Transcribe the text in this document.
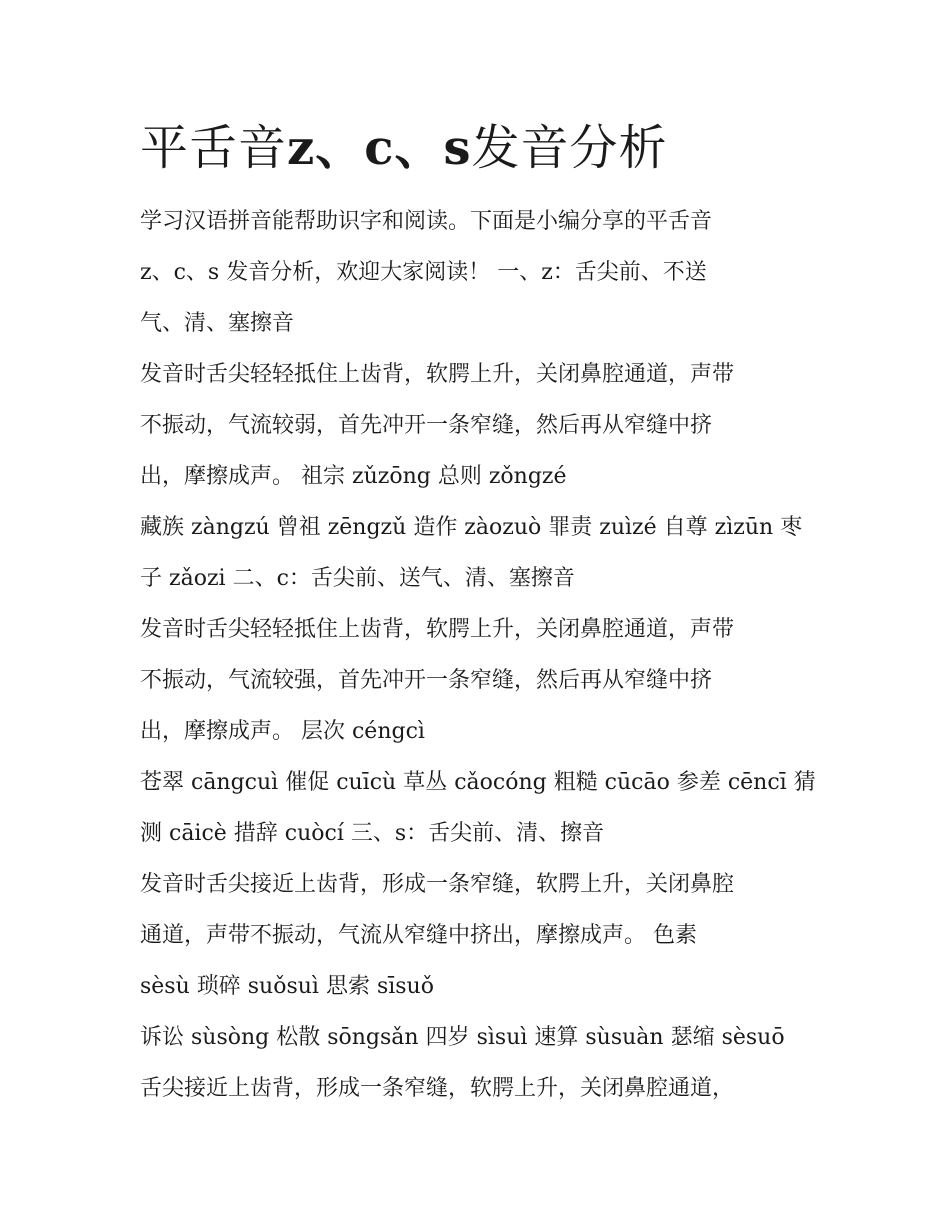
平舌音z、c、s发音分析
学习汉语拼音能帮助识字和阅读。下面是小编分享的平舌音
z、c、s 发音分析，欢迎大家阅读！ 一、z：舌尖前、不送
气、清、塞擦音
发音时舌尖轻轻抵住上齿背，软腭上升，关闭鼻腔通道，声带
不振动，气流较弱，首先冲开一条窄缝，然后再从窄缝中挤
出，摩擦成声。 祖宗 zǔzōng 总则 zǒngzé
藏族 zàngzú 曾祖 zēngzǔ 造作 zàozuò 罪责 zuìzé 自尊 zìzūn 枣
子 zǎozi 二、c：舌尖前、送气、清、塞擦音
发音时舌尖轻轻抵住上齿背，软腭上升，关闭鼻腔通道，声带
不振动，气流较强，首先冲开一条窄缝，然后再从窄缝中挤
出，摩擦成声。 层次 céngcì
苍翠 cāngcuì 催促 cuīcù 草丛 cǎocóng 粗糙 cūcāo 参差 cēncī 猜
测 cāicè 措辞 cuòcí 三、s：舌尖前、清、擦音
发音时舌尖接近上齿背，形成一条窄缝，软腭上升，关闭鼻腔
通道，声带不振动，气流从窄缝中挤出，摩擦成声。 色素
sèsù 琐碎 suǒsuì 思索 sīsuǒ
诉讼 sùsòng 松散 sōngsǎn 四岁 sìsuì 速算 sùsuàn 瑟缩 sèsuō
舌尖接近上齿背，形成一条窄缝，软腭上升，关闭鼻腔通道，
